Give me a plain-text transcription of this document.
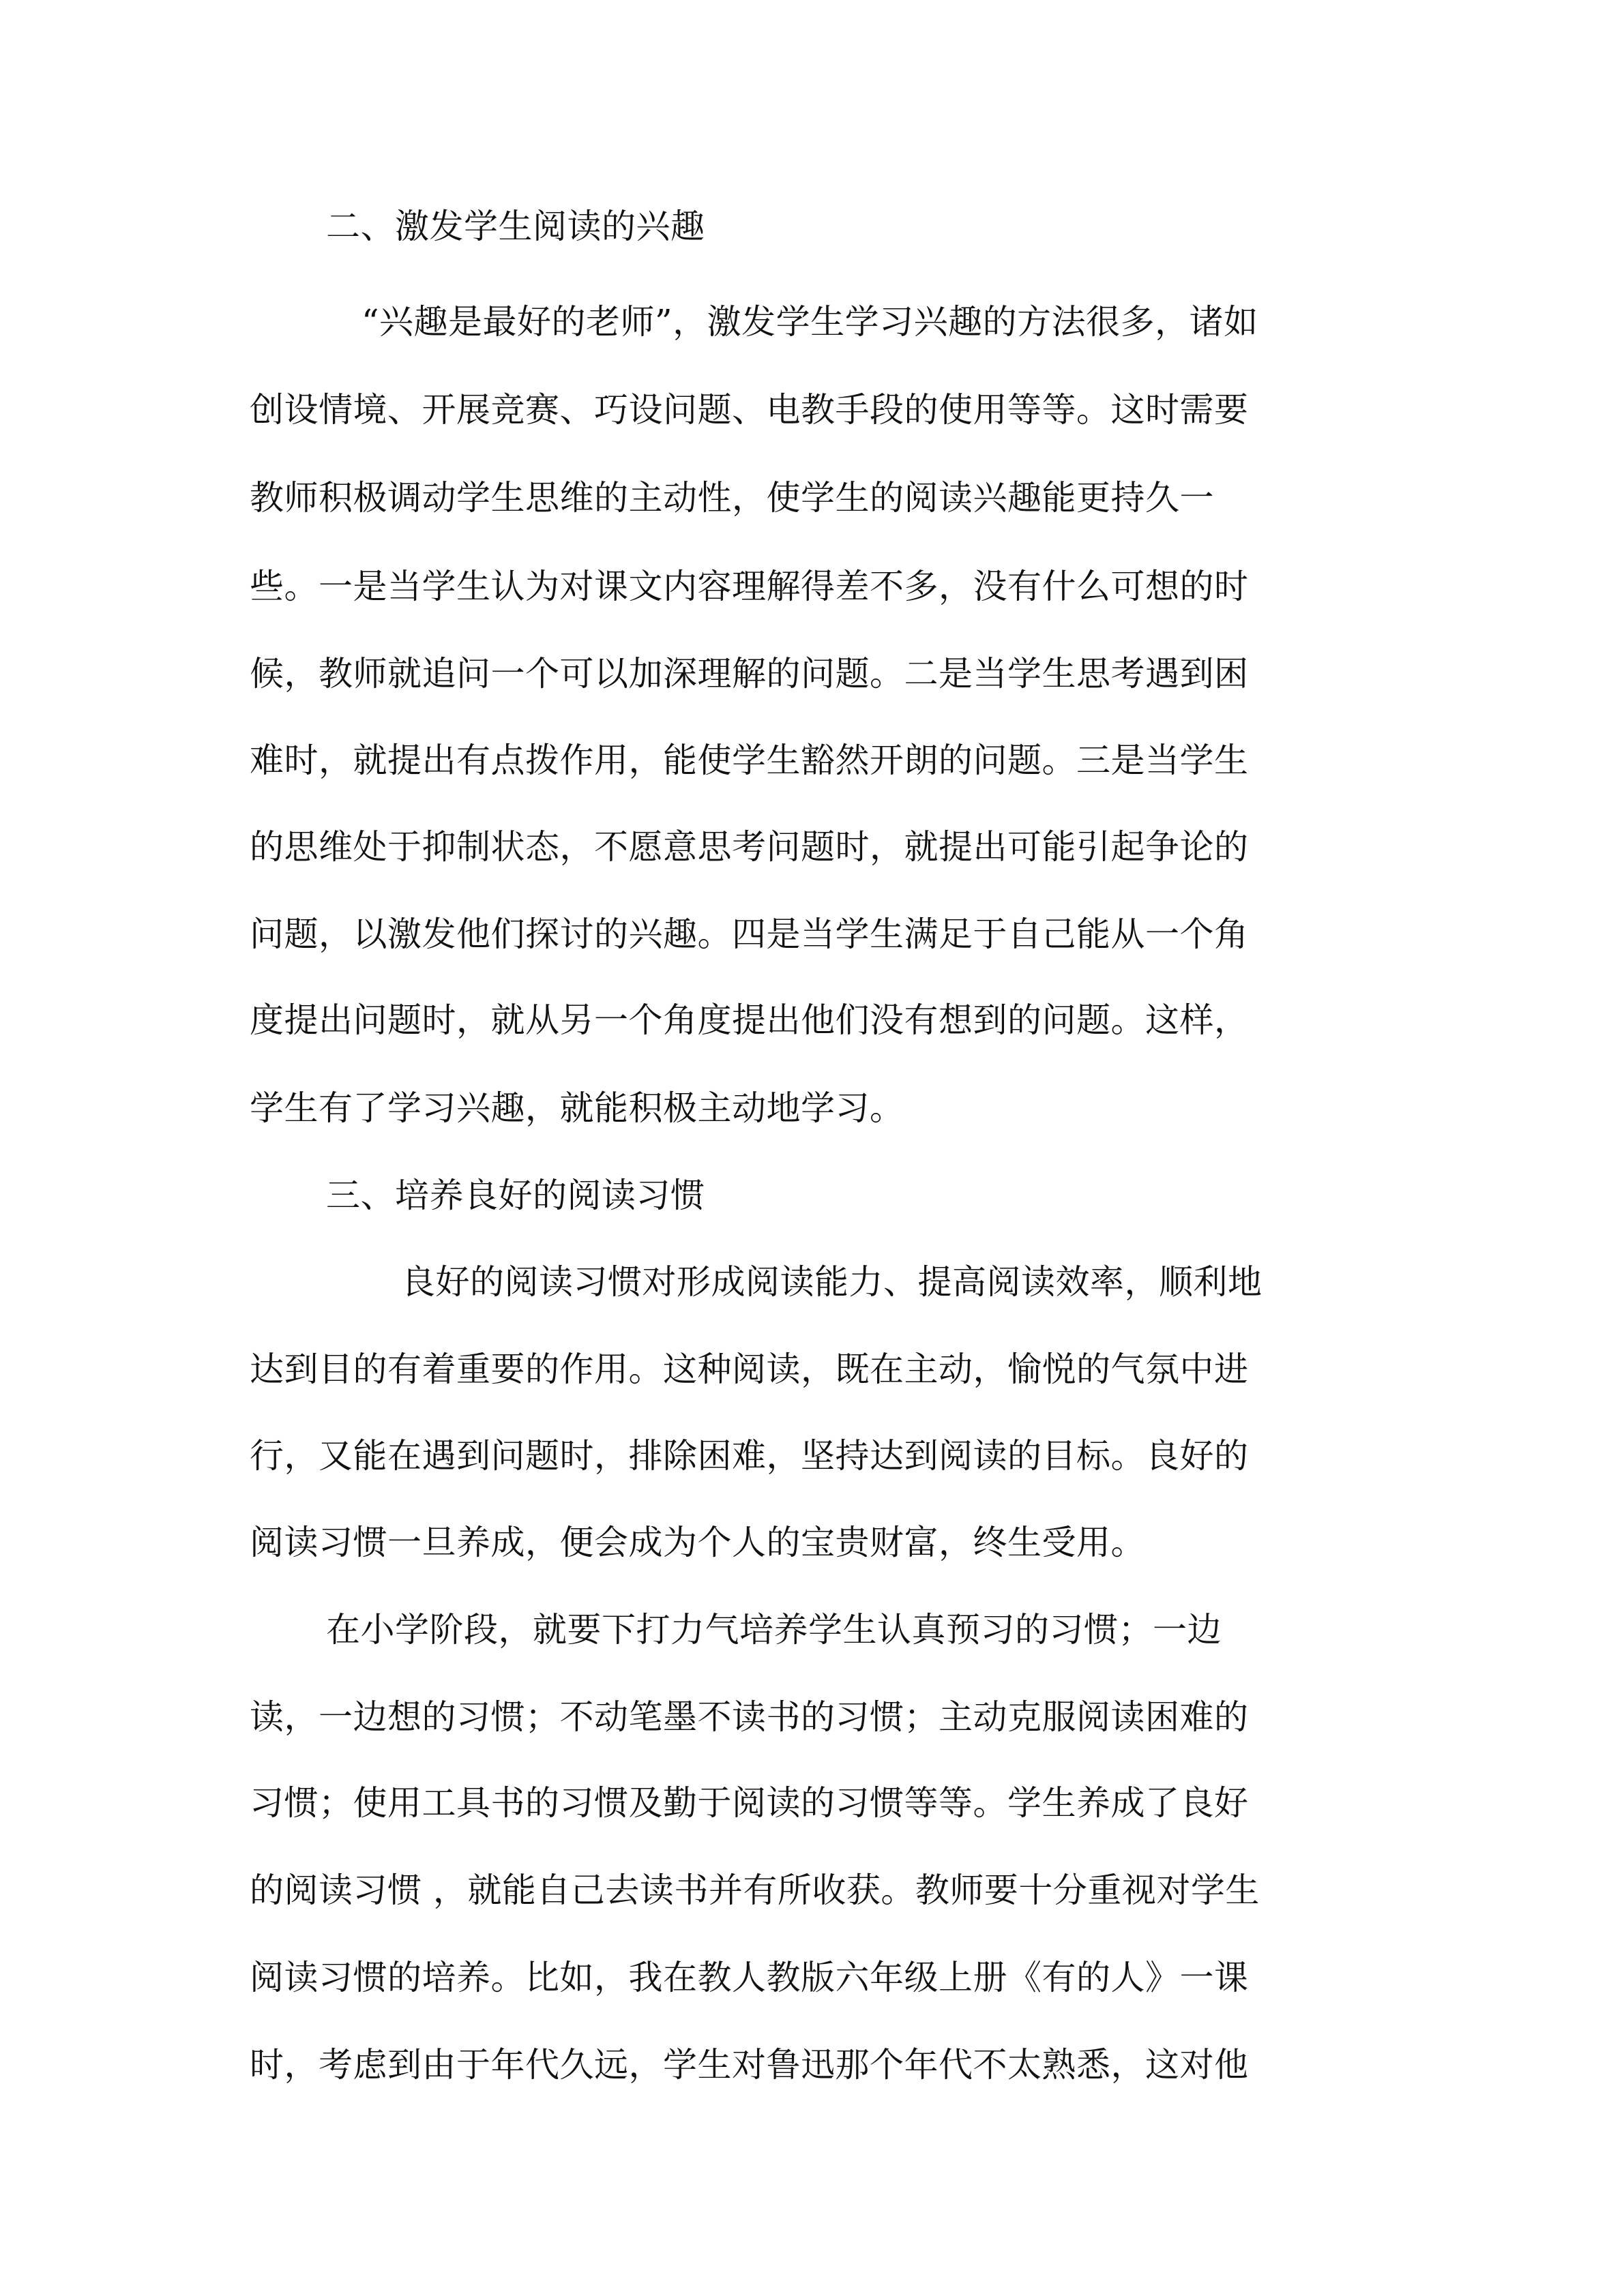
二、激发学生阅读的兴趣
“兴趣是最好的老师”，激发学生学习兴趣的方法很多，诸如
创设情境、开展竞赛、巧设问题、电教手段的使用等等。这时需要
教师积极调动学生思维的主动性，使学生的阅读兴趣能更持久一
些。一是当学生认为对课文内容理解得差不多，没有什么可想的时
候，教师就追问一个可以加深理解的问题。二是当学生思考遇到困
难时，就提出有点拨作用，能使学生豁然开朗的问题。三是当学生
的思维处于抑制状态，不愿意思考问题时，就提出可能引起争论的
问题，以激发他们探讨的兴趣。四是当学生满足于自己能从一个角
度提出问题时，就从另一个角度提出他们没有想到的问题。这样，
学生有了学习兴趣，就能积极主动地学习。
三、培养良好的阅读习惯
良好的阅读习惯对形成阅读能力、提高阅读效率，顺利地
达到目的有着重要的作用。这种阅读，既在主动，愉悦的气氛中进
行，又能在遇到问题时，排除困难，坚持达到阅读的目标。良好的
阅读习惯一旦养成，便会成为个人的宝贵财富，终生受用。
在小学阶段，就要下打力气培养学生认真预习的习惯；一边
读，一边想的习惯；不动笔墨不读书的习惯；主动克服阅读困难的
习惯；使用工具书的习惯及勤于阅读的习惯等等。学生养成了良好
的阅读习惯 ，就能自己去读书并有所收获。教师要十分重视对学生
阅读习惯的培养。比如，我在教人教版六年级上册《有的人》一课
时，考虑到由于年代久远，学生对鲁迅那个年代不太熟悉，这对他
